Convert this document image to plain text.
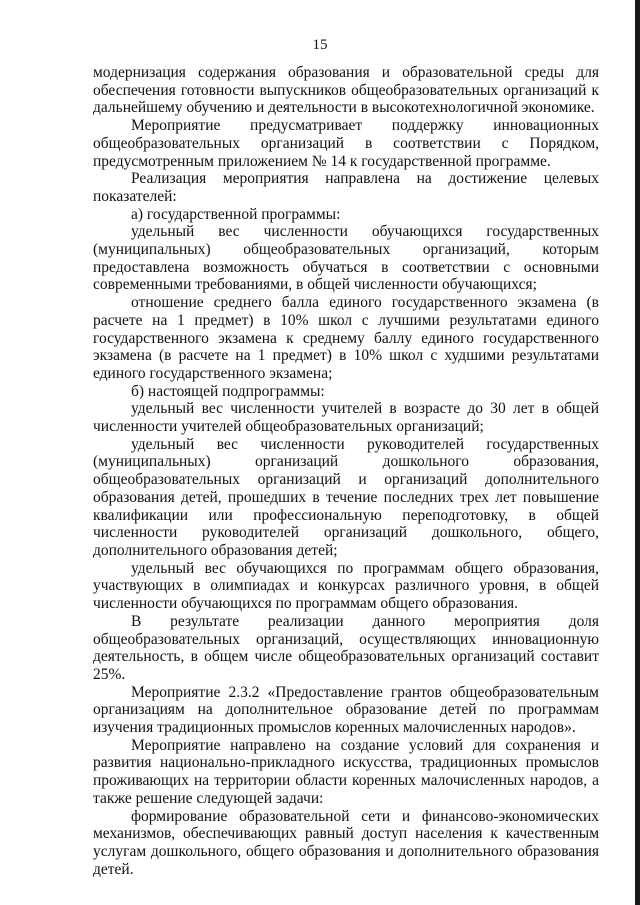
15

модернизация содержания образования и образовательной среды для обеспечения готовности выпускников общеобразовательных организаций к дальнейшему обучению и деятельности в высокотехнологичной экономике.

Мероприятие предусматривает поддержку инновационных общеобразовательных организаций в соответствии с Порядком, предусмотренным приложением № 14 к государственной программе.

Реализация мероприятия направлена на достижение целевых показателей:

а) государственной программы:

удельный вес численности обучающихся государственных (муниципальных) общеобразовательных организаций, которым предоставлена возможность обучаться в соответствии с основными современными требованиями, в общей численности обучающихся;

отношение среднего балла единого государственного экзамена (в расчете на 1 предмет) в 10% школ с лучшими результатами единого государственного экзамена к среднему баллу единого государственного экзамена (в расчете на 1 предмет) в 10% школ с худшими результатами единого государственного экзамена;

б) настоящей подпрограммы:

удельный вес численности учителей в возрасте до 30 лет в общей численности учителей общеобразовательных организаций;

удельный вес численности руководителей государственных (муниципальных) организаций дошкольного образования, общеобразовательных организаций и организаций дополнительного образования детей, прошедших в течение последних трех лет повышение квалификации или профессиональную переподготовку, в общей численности руководителей организаций дошкольного, общего, дополнительного образования детей;

удельный вес обучающихся по программам общего образования, участвующих в олимпиадах и конкурсах различного уровня, в общей численности обучающихся по программам общего образования.

В результате реализации данного мероприятия доля общеобразовательных организаций, осуществляющих инновационную деятельность, в общем числе общеобразовательных организаций составит 25%.

Мероприятие 2.3.2 «Предоставление грантов общеобразовательным организациям на дополнительное образование детей по программам изучения традиционных промыслов коренных малочисленных народов».

Мероприятие направлено на создание условий для сохранения и развития национально-прикладного искусства, традиционных промыслов проживающих на территории области коренных малочисленных народов, а также решение следующей задачи:

формирование образовательной сети и финансово-экономических механизмов, обеспечивающих равный доступ населения к качественным услугам дошкольного, общего образования и дополнительного образования детей.
